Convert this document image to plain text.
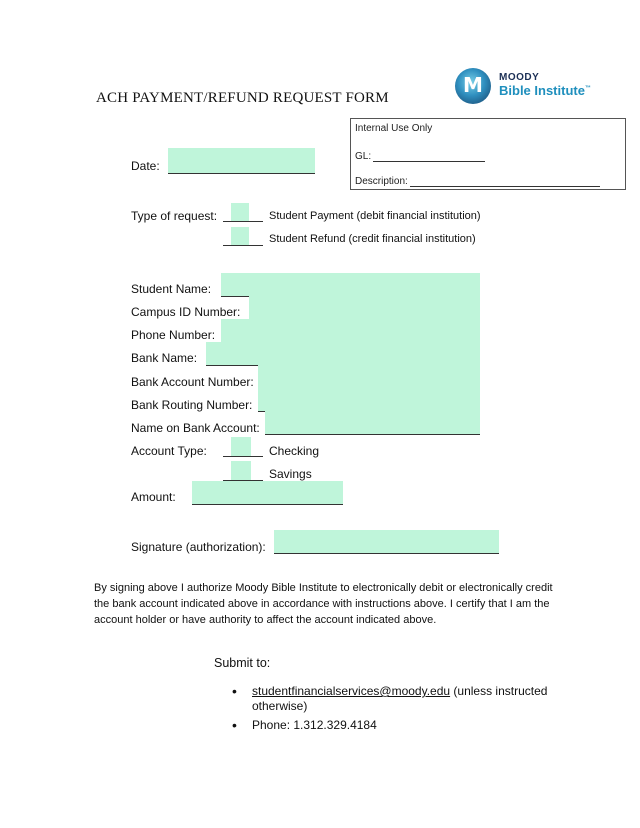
ACH PAYMENT/REFUND REQUEST FORM
M	MOODY
Bible Institute™
Internal Use Only
GL:
Description:
Date:
Type of request:	Student Payment (debit financial institution)
Student Refund (credit financial institution)
Student Name:
Campus ID Number:
Phone Number:
Bank Name:
Bank Account Number:
Bank Routing Number:
Name on Bank Account:
Account Type:	Checking
Savings
Amount:
Signature (authorization):
By signing above I authorize Moody Bible Institute to electronically debit or electronically credit the bank account indicated above in accordance with instructions above. I certify that I am the account holder or have authority to affect the account indicated above.
Submit to:
• studentfinancialservices@moody.edu (unless instructed otherwise)
• Phone: 1.312.329.4184
